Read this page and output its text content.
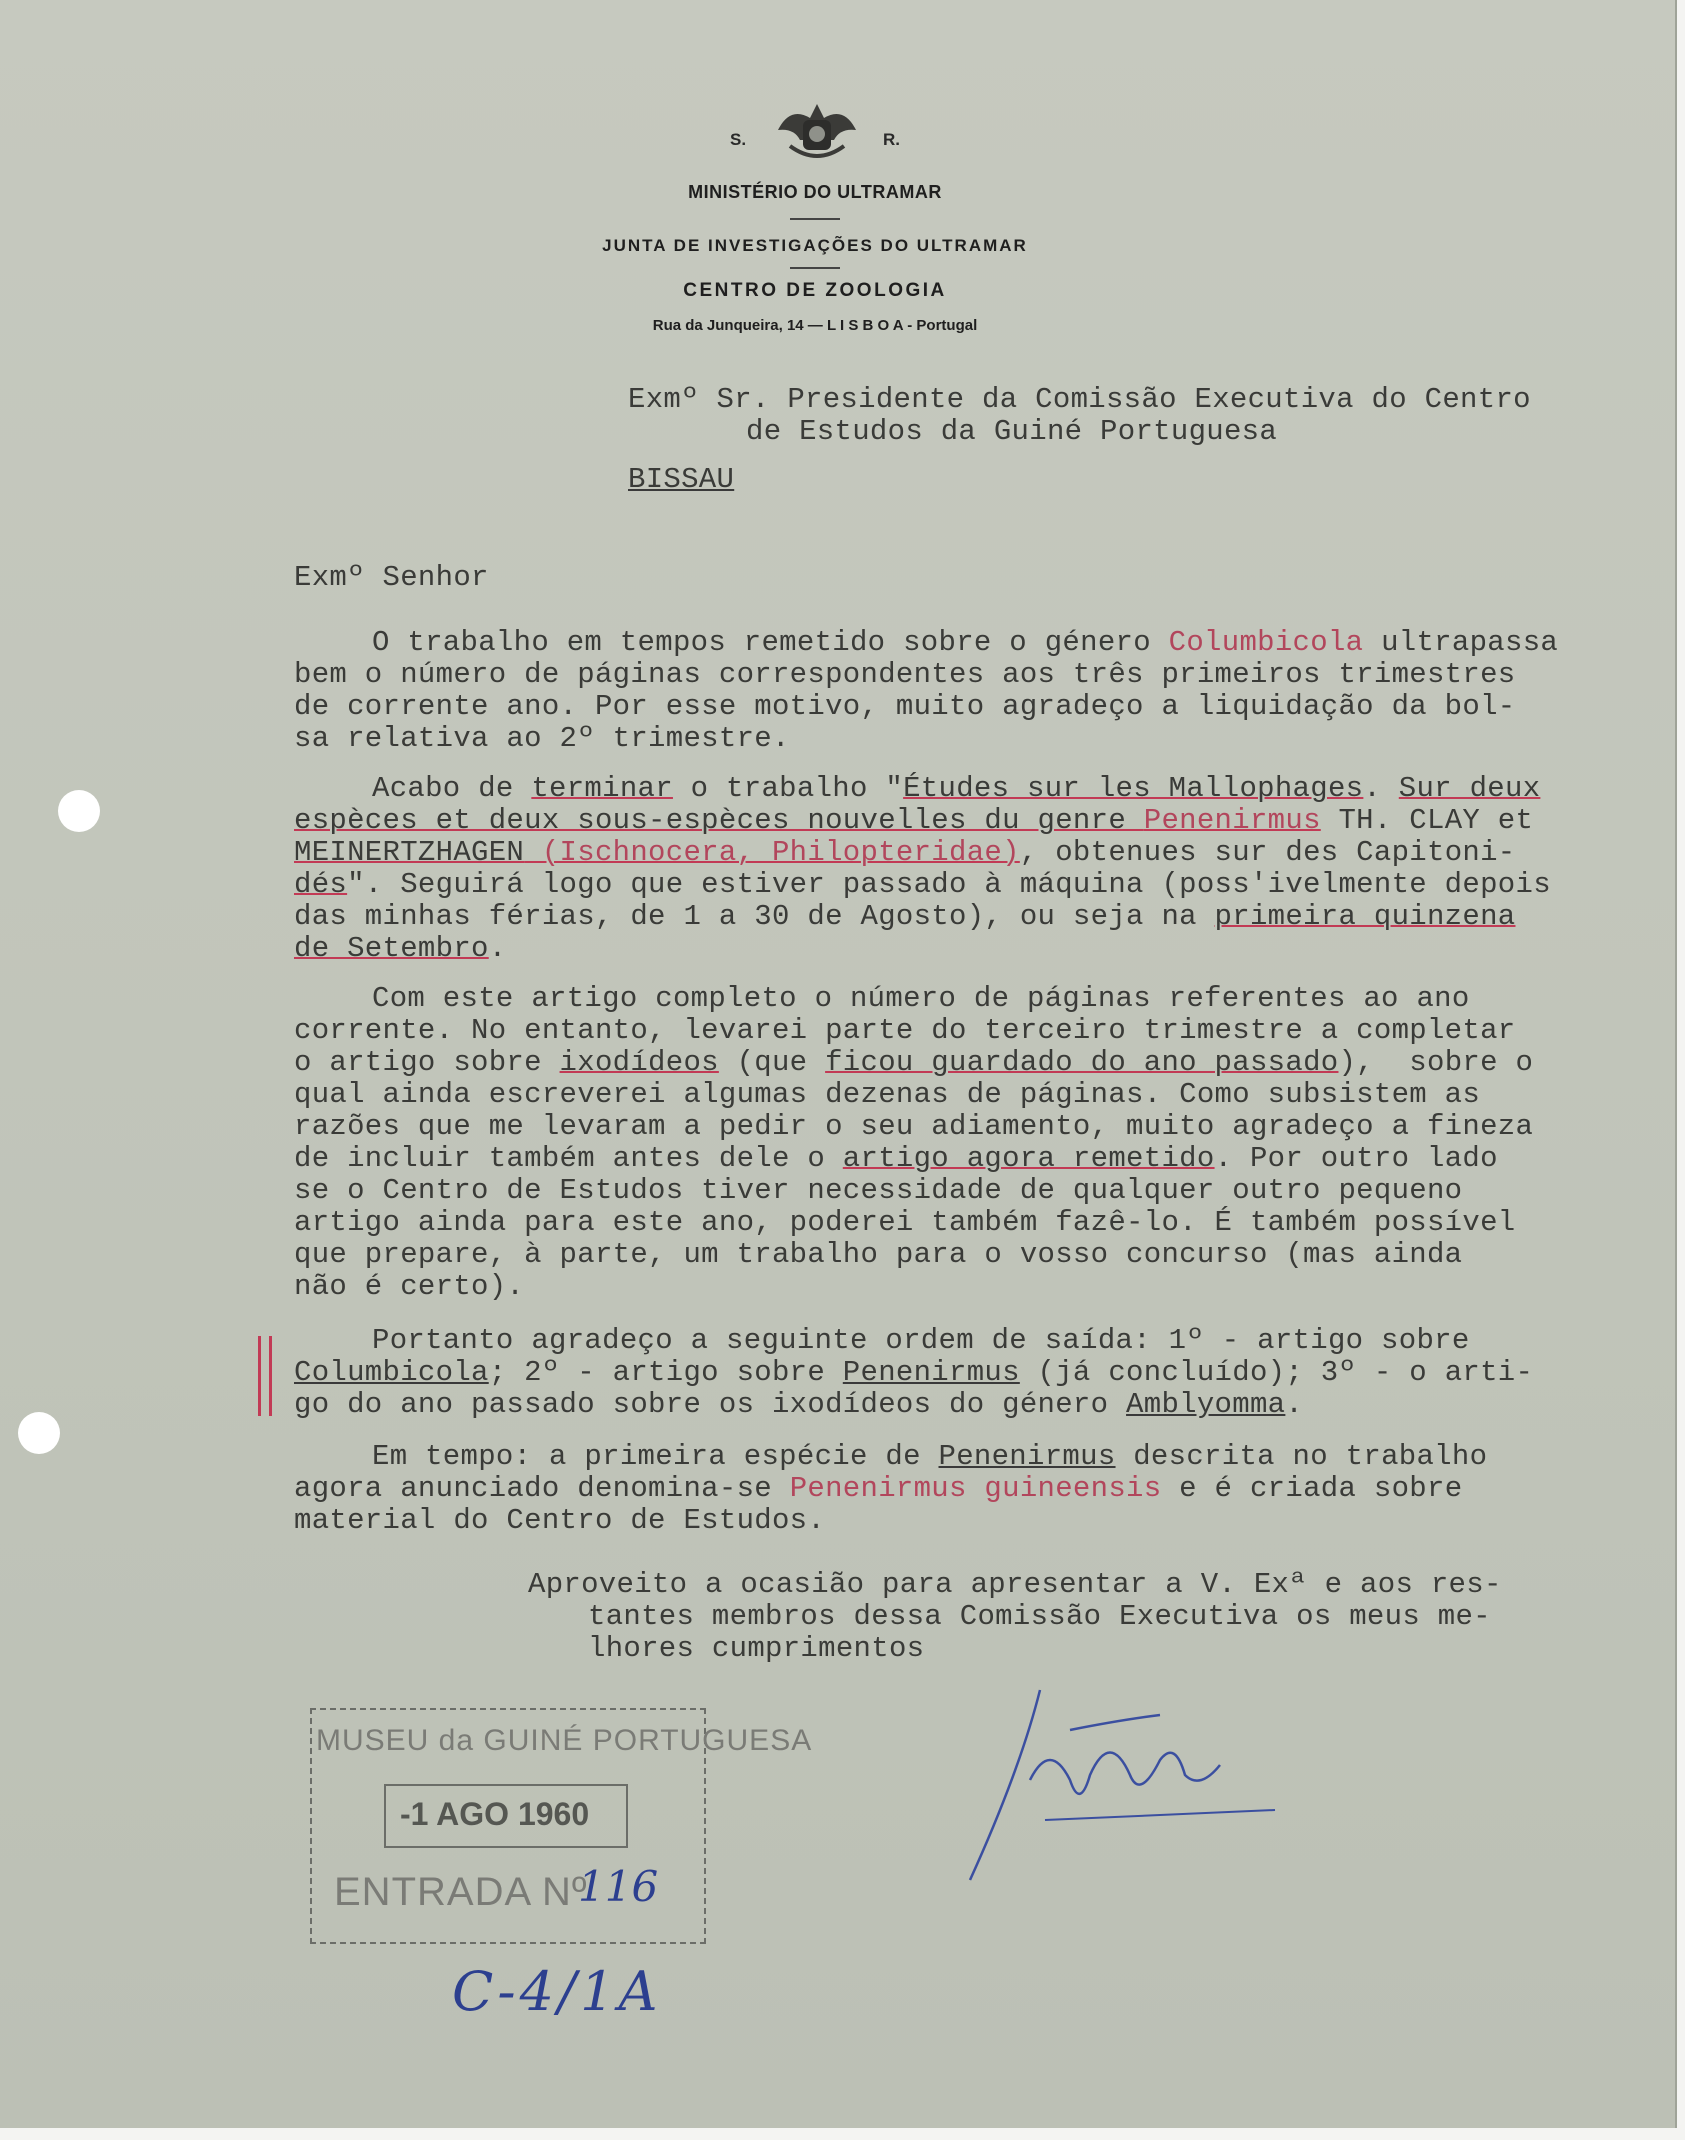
S.	R.
MINISTÉRIO DO ULTRAMAR
JUNTA DE INVESTIGAÇÕES DO ULTRAMAR
CENTRO DE ZOOLOGIA
Rua da Junqueira, 14 — L I S B O A - Portugal
Exmº Sr. Presidente da Comissão Executiva do Centro
de Estudos da Guiné Portuguesa
BISSAU
Exmº Senhor
O trabalho em tempos remetido sobre o género Columbicola ultrapassa
bem o número de páginas correspondentes aos três primeiros trimestres
de corrente ano. Por esse motivo, muito agradeço a liquidação da bol-
sa relativa ao 2º trimestre.
Acabo de terminar o trabalho "Études sur les Mallophages. Sur deux
espèces et deux sous-espèces nouvelles du genre Penenirmus TH. CLAY et
MEINERTZHAGEN (Ischnocera, Philopteridae), obtenues sur des Capitoni-
dés". Seguirá logo que estiver passado à máquina (poss'ivelmente depois
das minhas férias, de 1 a 30 de Agosto), ou seja na primeira quinzena
de Setembro.
Com este artigo completo o número de páginas referentes ao ano
corrente. No entanto, levarei parte do terceiro trimestre a completar
o artigo sobre ixodídeos (que ficou guardado do ano passado),  sobre o
qual ainda escreverei algumas dezenas de páginas. Como subsistem as
razões que me levaram a pedir o seu adiamento, muito agradeço a fineza
de incluir também antes dele o artigo agora remetido. Por outro lado
se o Centro de Estudos tiver necessidade de qualquer outro pequeno
artigo ainda para este ano, poderei também fazê-lo. É também possível
que prepare, à parte, um trabalho para o vosso concurso (mas ainda
não é certo).
Portanto agradeço a seguinte ordem de saída: 1º - artigo sobre
Columbicola; 2º - artigo sobre Penenirmus (já concluído); 3º - o arti-
go do ano passado sobre os ixodídeos do género Amblyomma.
Em tempo: a primeira espécie de Penenirmus descrita no trabalho
agora anunciado denomina-se Penenirmus guineensis e é criada sobre
material do Centro de Estudos.
Aproveito a ocasião para apresentar a V. Exª e aos res-
tantes membros dessa Comissão Executiva os meus me-
lhores cumprimentos
MUSEU da GUINÉ PORTUGUESA
-1 AGO 1960
ENTRADA Nº
116
C-4/1A
